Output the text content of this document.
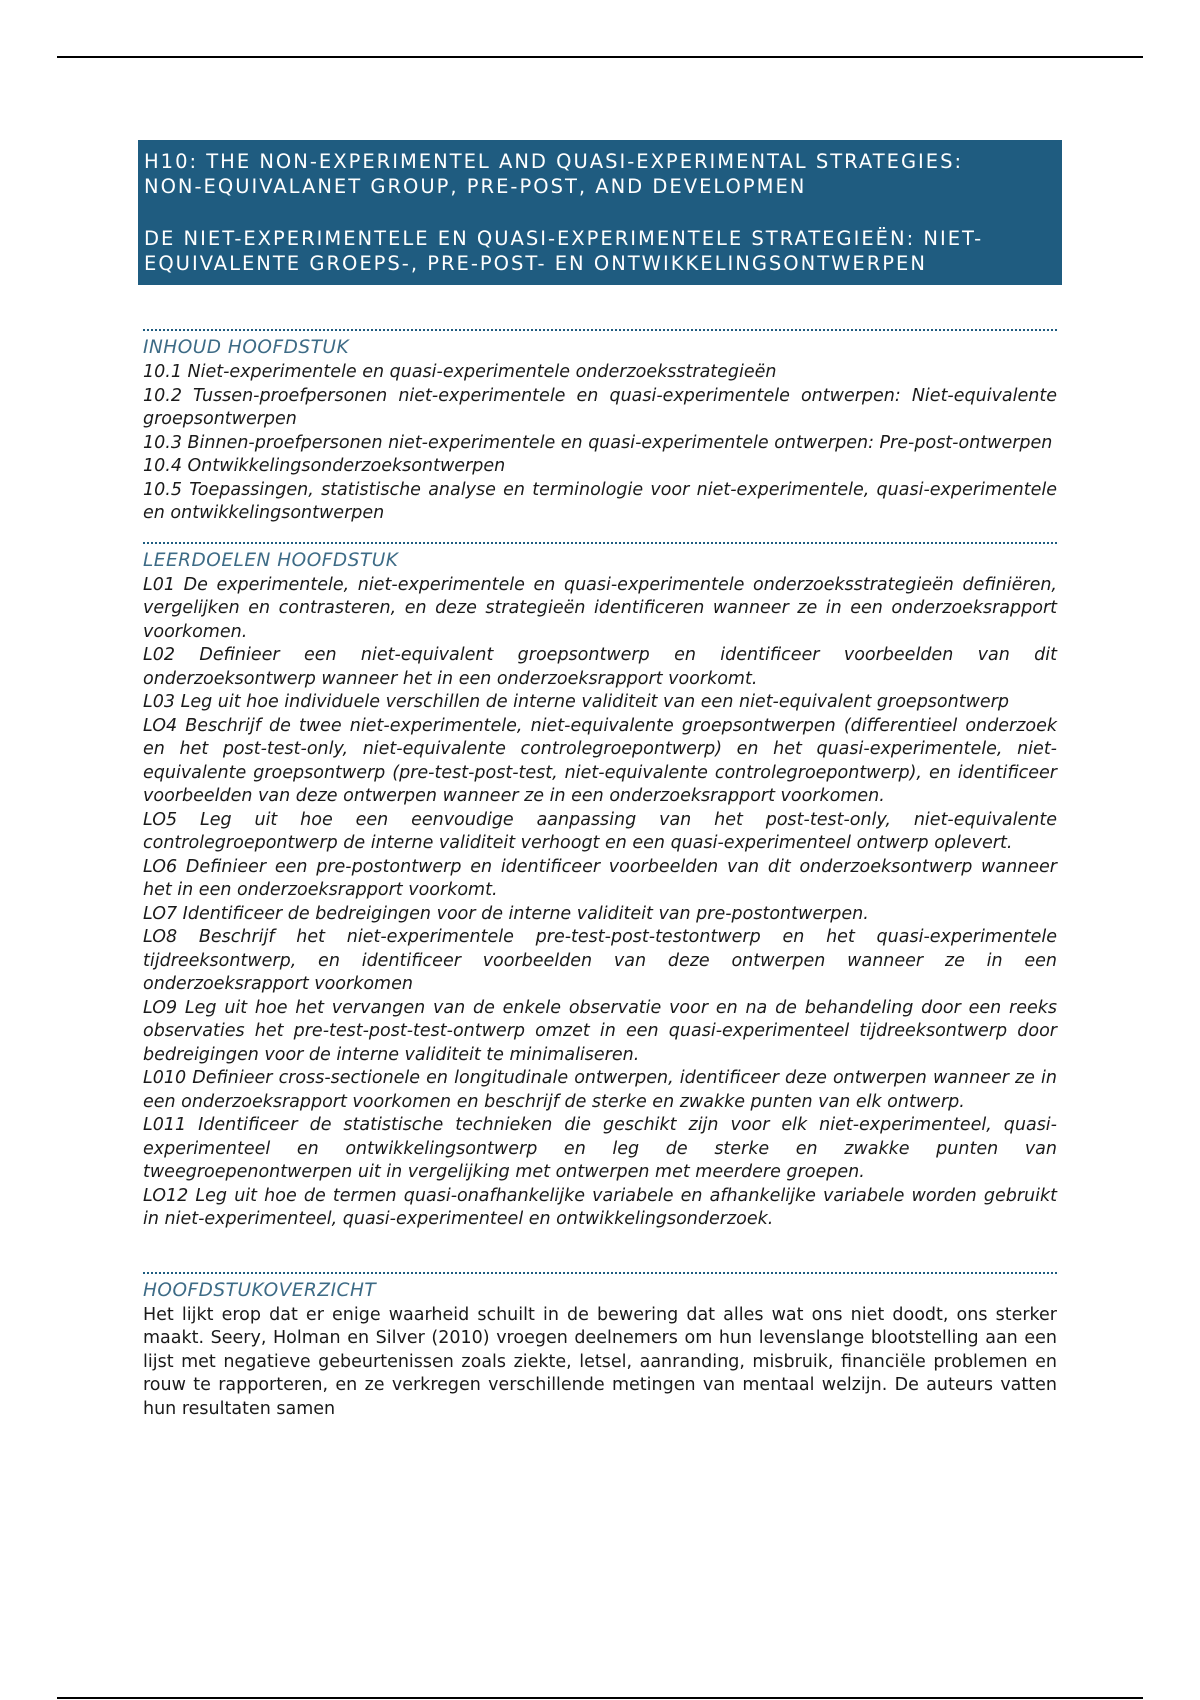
H10: THE NON-EXPERIMENTEL AND QUASI-EXPERIMENTAL STRATEGIES:
NON-EQUIVALANET GROUP, PRE-POST, AND DEVELOPMEN
DE NIET-EXPERIMENTELE EN QUASI-EXPERIMENTELE STRATEGIEËN: NIET-
EQUIVALENTE GROEPS-, PRE-POST- EN ONTWIKKELINGSONTWERPEN
INHOUD HOOFDSTUK

10.1 Niet-experimentele en quasi-experimentele onderzoeksstrategieën

10.2 Tussen-proefpersonen niet-experimentele en quasi-experimentele ontwerpen: Niet-equivalente groepsontwerpen

10.3 Binnen-proefpersonen niet-experimentele en quasi-experimentele ontwerpen: Pre-post-ontwerpen

10.4 Ontwikkelingsonderzoeksontwerpen

10.5 Toepassingen, statistische analyse en terminologie voor niet-experimentele, quasi-experimentele en ontwikkelingsontwerpen

LEERDOELEN HOOFDSTUK

L01 De experimentele, niet-experimentele en quasi-experimentele onderzoeksstrategieën definiëren, vergelijken en contrasteren, en deze strategieën identificeren wanneer ze in een onderzoeksrapport voorkomen.

L02 Definieer een niet-equivalent groepsontwerp en identificeer voorbeelden van dit onderzoeksontwerp wanneer het in een onderzoeksrapport voorkomt.

L03 Leg uit hoe individuele verschillen de interne validiteit van een niet-equivalent groepsontwerp

LO4 Beschrijf de twee niet-experimentele, niet-equivalente groepsontwerpen (differentieel onderzoek en het post-test-only, niet-equivalente controlegroepontwerp) en het quasi-experimentele, niet-equivalente groepsontwerp (pre-test-post-test, niet-equivalente controlegroepontwerp), en identificeer voorbeelden van deze ontwerpen wanneer ze in een onderzoeksrapport voorkomen.

LO5 Leg uit hoe een eenvoudige aanpassing van het post-test-only, niet-equivalente controlegroepontwerp de interne validiteit verhoogt en een quasi-experimenteel ontwerp oplevert.

LO6 Definieer een pre-postontwerp en identificeer voorbeelden van dit onderzoeksontwerp wanneer het in een onderzoeksrapport voorkomt.

LO7 Identificeer de bedreigingen voor de interne validiteit van pre-postontwerpen.

LO8 Beschrijf het niet-experimentele pre-test-post-testontwerp en het quasi-experimentele tijdreeksontwerp, en identificeer voorbeelden van deze ontwerpen wanneer ze in een onderzoeksrapport voorkomen

LO9 Leg uit hoe het vervangen van de enkele observatie voor en na de behandeling door een reeks observaties het pre-test-post-test-ontwerp omzet in een quasi-experimenteel tijdreeksontwerp door bedreigingen voor de interne validiteit te minimaliseren.

L010 Definieer cross-sectionele en longitudinale ontwerpen, identificeer deze ontwerpen wanneer ze in een onderzoeksrapport voorkomen en beschrijf de sterke en zwakke punten van elk ontwerp.

L011 Identificeer de statistische technieken die geschikt zijn voor elk niet-experimenteel, quasi-experimenteel en ontwikkelingsontwerp en leg de sterke en zwakke punten van tweegroepenontwerpen uit in vergelijking met ontwerpen met meerdere groepen.

LO12 Leg uit hoe de termen quasi-onafhankelijke variabele en afhankelijke variabele worden gebruikt in niet-experimenteel, quasi-experimenteel en ontwikkelingsonderzoek.

HOOFDSTUKOVERZICHT

Het lijkt erop dat er enige waarheid schuilt in de bewering dat alles wat ons niet doodt, ons sterker maakt. Seery, Holman en Silver (2010) vroegen deelnemers om hun levenslange blootstelling aan een lijst met negatieve gebeurtenissen zoals ziekte, letsel, aanranding, misbruik, financiële problemen en rouw te rapporteren, en ze verkregen verschillende metingen van mentaal welzijn. De auteurs vatten hun resultaten samen
